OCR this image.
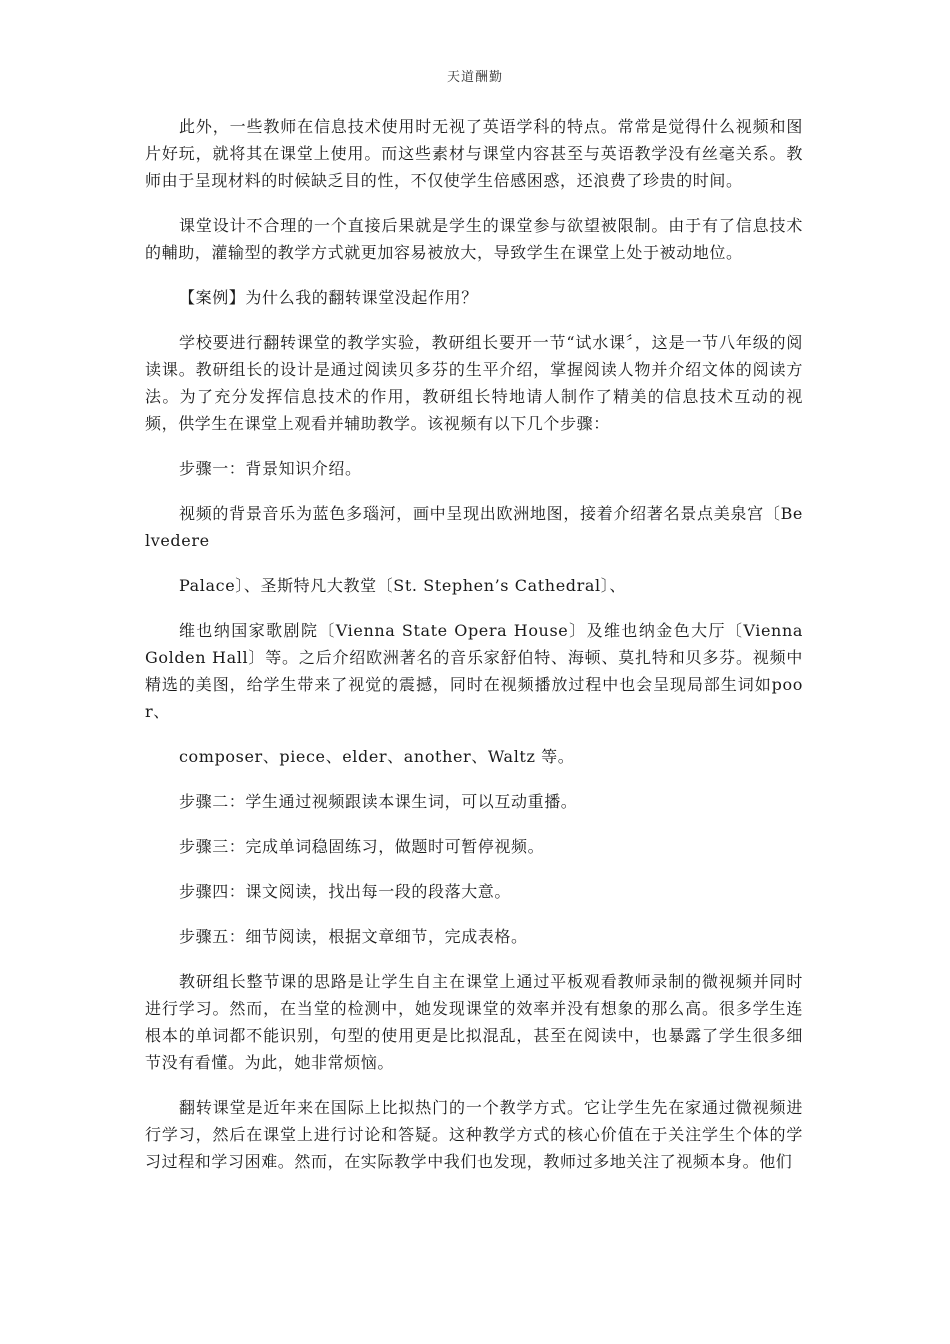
天道酬勤

此外，一些教师在信息技术使用时无视了英语学科的特点。常常是觉得什么视频和图片好玩，就将其在课堂上使用。而这些素材与课堂内容甚至与英语教学没有丝毫关系。教师由于呈现材料的时候缺乏目的性，不仅使学生倍感困惑，还浪费了珍贵的时间。

课堂设计不合理的一个直接后果就是学生的课堂参与欲望被限制。由于有了信息技术的輔助，灌输型的教学方式就更加容易被放大，导致学生在课堂上处于被动地位。

【案例】为什么我的翻转课堂没起作用？

学校要进行翻转课堂的教学实验，教研组长要开一节“试水课〞，这是一节八年级的阅读课。教研组长的设计是通过阅读贝多芬的生平介绍，掌握阅读人物并介绍文体的阅读方法。为了充分发挥信息技术的作用，教研组长特地请人制作了精美的信息技术互动的视频，供学生在课堂上观看并辅助教学。该视频有以下几个步骤：

步骤一：背景知识介绍。

视频的背景音乐为蓝色多瑙河，画中呈现出欧洲地图，接着介绍著名景点美泉宫〔Belvedere

Palace〕、圣斯特凡大教堂〔St. Stephen’s Cathedral〕、

维也纳国家歌剧院〔Vienna State Opera House〕及维也纳金色大厅〔Vienna Golden Hall〕等。之后介绍欧洲著名的音乐家舒伯特、海顿、莫扎特和贝多芬。视频中精选的美图，给学生带来了视觉的震撼，同时在视频播放过程中也会呈现局部生词如poor、

composer、piece、elder、another、Waltz 等。

步骤二：学生通过视频跟读本课生词，可以互动重播。

步骤三：完成单词稳固练习，做题时可暂停视频。

步骤四：课文阅读，找出每一段的段落大意。

步骤五：细节阅读，根据文章细节，完成表格。

教研组长整节课的思路是让学生自主在课堂上通过平板观看教师录制的微视频并同时进行学习。然而，在当堂的检测中，她发现课堂的效率并没有想象的那么高。很多学生连根本的单词都不能识别，句型的使用更是比拟混乱，甚至在阅读中，也暴露了学生很多细节没有看懂。为此，她非常烦恼。

翻转课堂是近年来在国际上比拟热门的一个教学方式。它让学生先在家通过微视频进行学习，然后在课堂上进行讨论和答疑。这种教学方式的核心价值在于关注学生个体的学习过程和学习困难。然而，在实际教学中我们也发现，教师过多地关注了视频本身。他们
